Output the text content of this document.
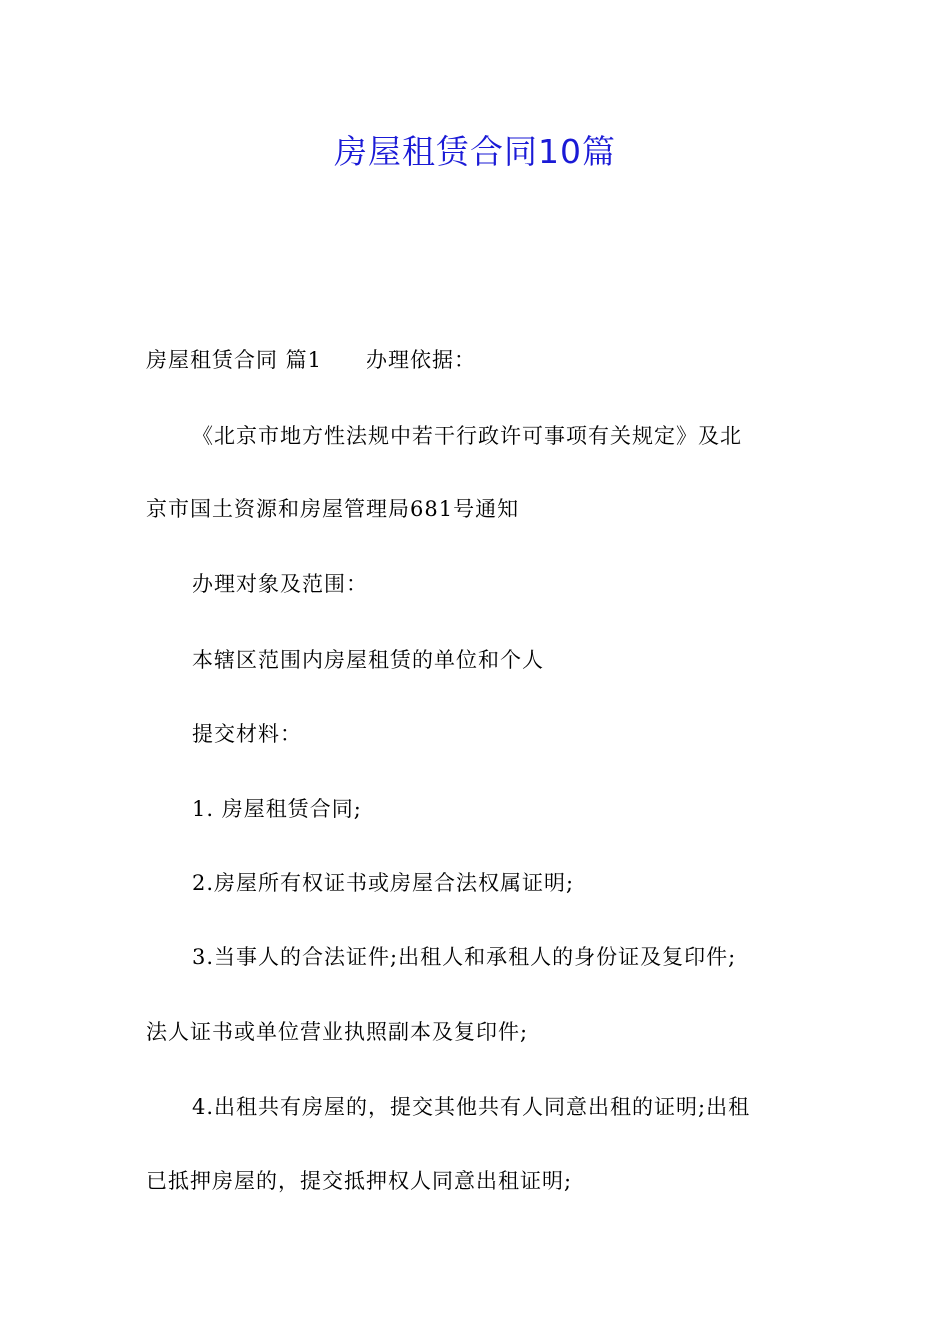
房屋租赁合同10篇
房屋租赁合同 篇1 办理依据：
《北京市地方性法规中若干行政许可事项有关规定》及北
京市国土资源和房屋管理局681号通知
办理对象及范围：
本辖区范围内房屋租赁的单位和个人
提交材料：
1. 房屋租赁合同;
2.房屋所有权证书或房屋合法权属证明;
3.当事人的合法证件;出租人和承租人的身份证及复印件;
法人证书或单位营业执照副本及复印件;
4.出租共有房屋的，提交其他共有人同意出租的证明;出租
已抵押房屋的，提交抵押权人同意出租证明;
